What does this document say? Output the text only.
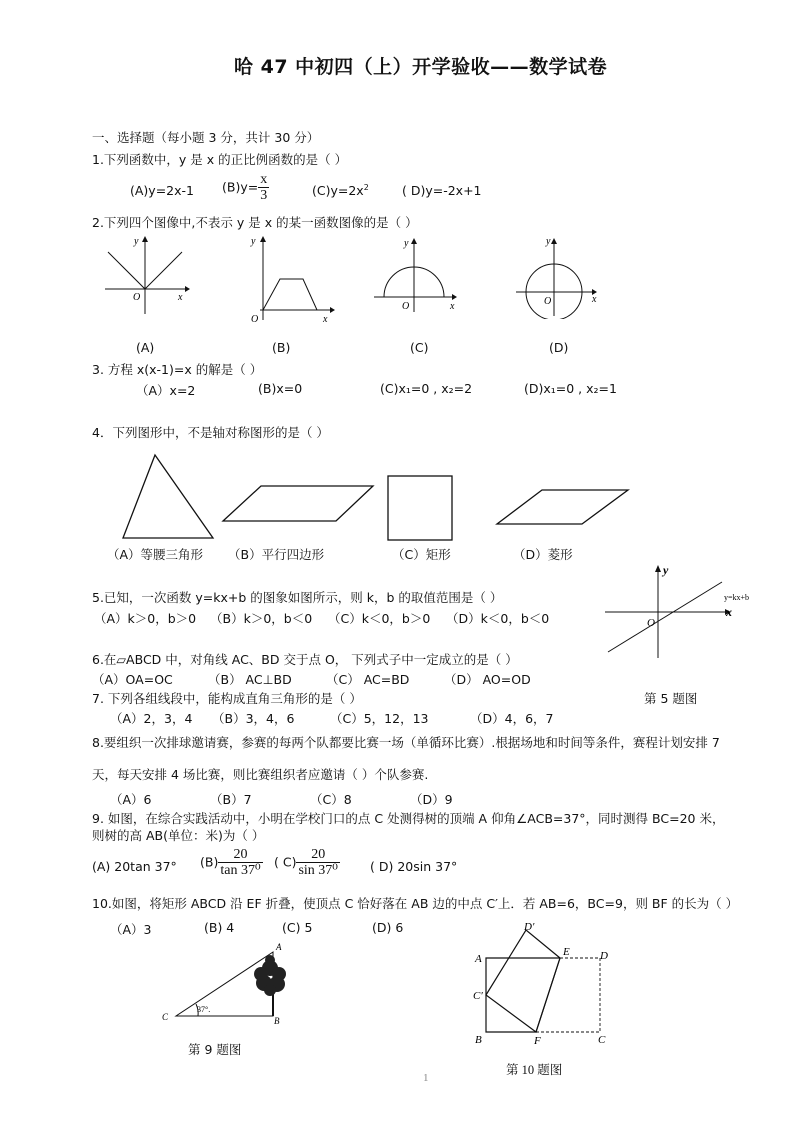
哈 47 中初四（上）开学验收——数学试卷
一、选择题（每小题 3 分，共计 30 分）
1.下列函数中，y 是 x 的正比例函数的是（ ）
(A)y=2x-1 $(B)y= \frac{x}{3}$	$(C)y=2x^2$	( D)y=-2x+1
2.下列四个图像中,不表示 y 是 x 的某一函数图像的是（ ）
y
x
O
y
x
O
y
x
O
y
x
O
(A)	(B)	(C)	(D)
3. 方程 x(x-1)=x 的解是（ ）
（A）x=2	(B)x=0	(C)x₁=0 , x₂=2	(D)x₁=0 , x₂=1
4．下列图形中，不是轴对称图形的是（ ）
（A）等腰三角形 （B）平行四边形	（C）矩形	（D）菱形
5.已知，一次函数 y=kx+b 的图象如图所示，则 k，b 的取值范围是（ ）
（A）k＞0，b＞0 （B）k＞0，b＜0 （C）k＜0，b＞0 （D）k＜0，b＜0
y
x
O
y=kx+b
6.在▱ABCD 中，对角线 AC、BD 交于点 O， 下列式子中一定成立的是（ ）
（A）OA=OC	（B） AC⊥BD	（C） AC=BD	（D） AO=OD
7. 下列各组线段中，能构成直角三角形的是（ ）	第 5 题图
（A）2，3，4 （B）3，4，6	（C）5，12，13	（D）4，6，7
8.要组织一次排球邀请赛，参赛的每两个队都要比赛一场（单循环比赛）.根据场地和时间等条件，赛程计划安排 7
天，每天安排 4 场比赛，则比赛组织者应邀请（ ）个队参赛.
（A）6	（B）7	（C）8	（D）9
9. 如图，在综合实践活动中，小明在学校门口的点 C 处测得树的顶端 A 仰角∠ACB=37°，同时测得 BC=20 米，
则树的高 AB(单位：米)为（ ）
(A) 20tan 37° $(B) \frac{20}{\text{tan 37⁰}}$ ( $C) \frac{20}{\text{sin 37⁰}}$ ( D) 20sin 37°
10.如图，将矩形 ABCD 沿 EF 折叠，使顶点 C 恰好落在 AB 边的中点 C′上．若 AB=6，BC=9，则 BF 的长为（ ）
（A）3	(B) 4	(C) 5	(D) 6
A
B
C
37°.
第 9 题图
A
B	C
D
E
F
C′
D′
第 10 题图
1
